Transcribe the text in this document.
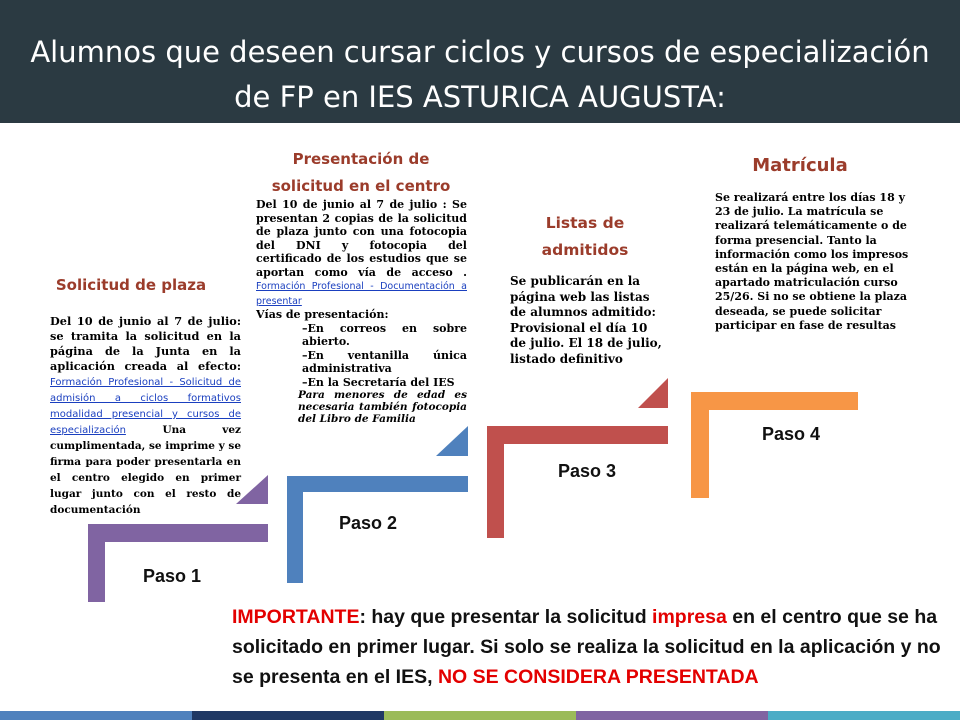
Alumnos que deseen cursar ciclos y cursos de especialización de FP en IES ASTURICA AUGUSTA:
Solicitud de plaza
Del 10 de junio al 7 de julio: se tramita la solicitud en la página de la Junta en la aplicación creada al efecto: Formación Profesional - Solicitud de admisión a ciclos formativos modalidad presencial y cursos de especialización	Una vez cumplimentada, se imprime y se firma para poder presentarla en el centro elegido en primer lugar junto con el resto de documentación
Paso 1
Presentación de solicitud en el centro
Del 10 de junio al 7 de julio : Se presentan 2 copias de la solicitud de plaza junto con una fotocopia del DNI y fotocopia del certificado de los estudios que se aportan como vía de acceso . Formación Profesional - Documentación a presentar
Vías de presentación:
–En correos en sobre abierto.
–En ventanilla única administrativa
–En la Secretaría del IES
Para menores de edad es necesaria también fotocopia del Libro de Familia
Paso 2
Listas de admitidos
Se publicarán en la página web las listas de alumnos admitido: Provisional el día 10 de julio. El 18 de julio, listado definitivo
Paso 3
Matrícula
Se realizará entre los días 18 y 23 de julio. La matrícula se realizará telemáticamente o de forma presencial. Tanto la información como los impresos están en la página web, en el apartado matriculación curso 25/26. Si no se obtiene la plaza deseada, se puede solicitar participar en fase de resultas
Paso 4
IMPORTANTE: hay que presentar la solicitud impresa en el centro que se ha solicitado en primer lugar. Si solo se realiza la solicitud en la aplicación y no se presenta en el IES, NO SE CONSIDERA PRESENTADA
